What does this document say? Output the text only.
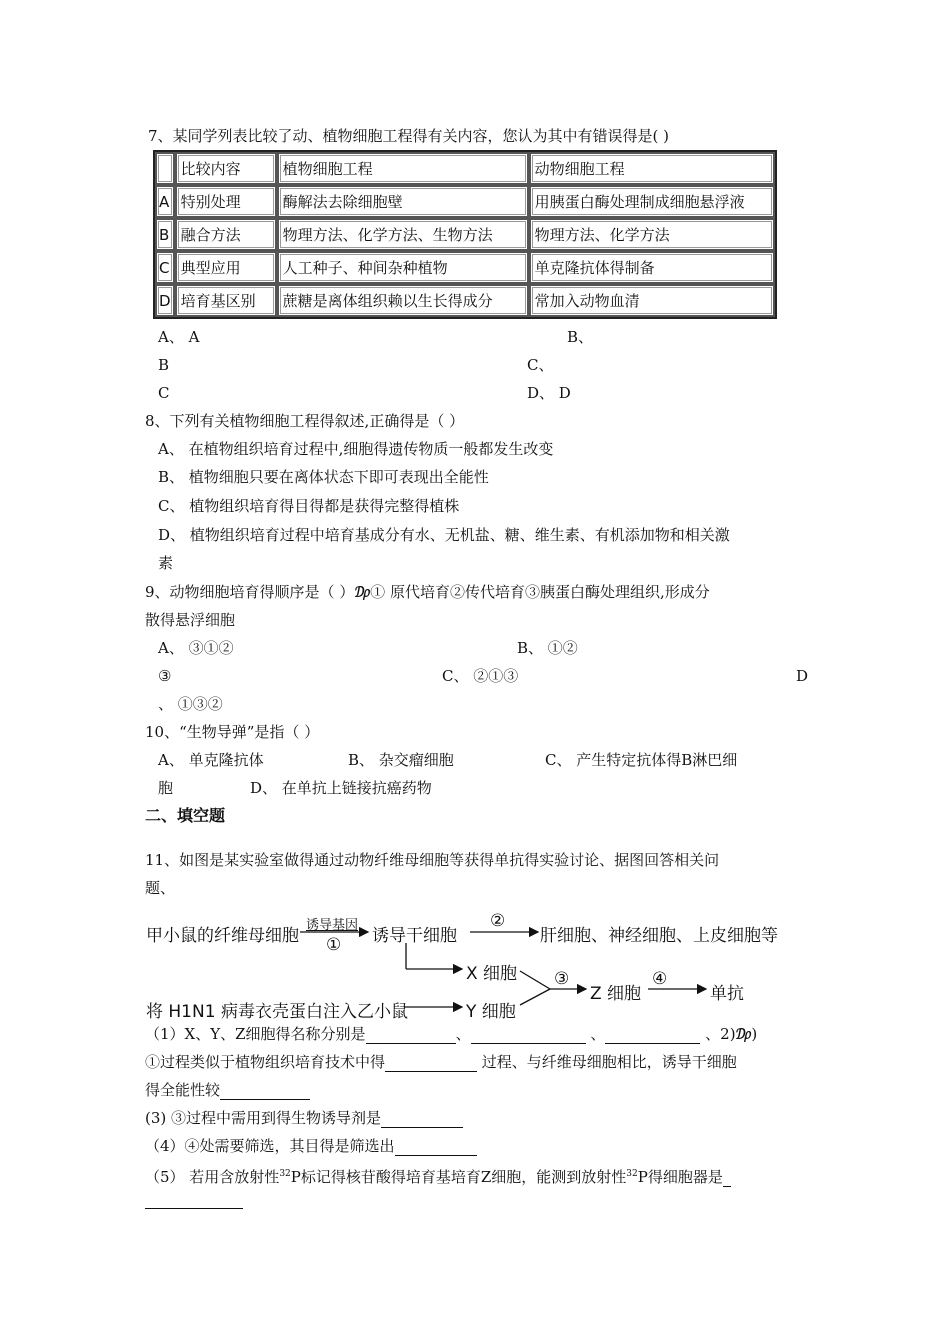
7、某同学列表比较了动、植物细胞工程得有关内容，您认为其中有错误得是( )
	比较内容	植物细胞工程	动物细胞工程
A	特别处理	酶解法去除细胞壁	用胰蛋白酶处理制成细胞悬浮液
B	融合方法	物理方法、化学方法、生物方法	物理方法、化学方法
C	典型应用	人工种子、种间杂种植物	单克隆抗体得制备
D	培育基区别	蔗糖是离体组织赖以生长得成分	常加入动物血清
A、 A	B、
B	C、
C	D、 D
8、下列有关植物细胞工程得叙述,正确得是（ ）
A、 在植物组织培育过程中,细胞得遗传物质一般都发生改变
B、 植物细胞只要在离体状态下即可表现出全能性
C、 植物组织培育得目得都是获得完整得植株
D、 植物组织培育过程中培育基成分有水、无机盐、糖、维生素、有机添加物和相关激
素
9、动物细胞培育得顺序是（ ）₯① 原代培育②传代培育③胰蛋白酶处理组织,形成分
散得悬浮细胞
A、 ③①②	B、 ①②
③	C、 ②①③	D
、 ①③②
10、“生物导弹”是指（ ）
A、 单克隆抗体	B、 杂交瘤细胞	C、 产生特定抗体得B淋巴细
胞	D、 在单抗上链接抗癌药物
二、填空题
11、如图是某实验室做得通过动物纤维母细胞等获得单抗得实验讨论、据图回答相关问
题、
甲小鼠的纤维母细胞
诱导基因
① 诱导干细胞
②
肝细胞、神经细胞、上皮细胞等
X 细胞
将 H1N1 病毒衣壳蛋白注入乙小鼠	Y 细胞
③
Z 细胞
④
单抗
（1）X、Y、Z细胞得名称分别是	、	、	、2)₯)
①过程类似于植物组织培育技术中得	过程、与纤维母细胞相比，诱导干细胞
得全能性较
(3) ③过程中需用到得生物诱导剂是
（4）④处需要筛选，其目得是筛选出
（5） 若用含放射性$^{32}$P标记得核苷酸得培育基培育Z细胞，能测到放射性$^{32}$P得细胞器是
